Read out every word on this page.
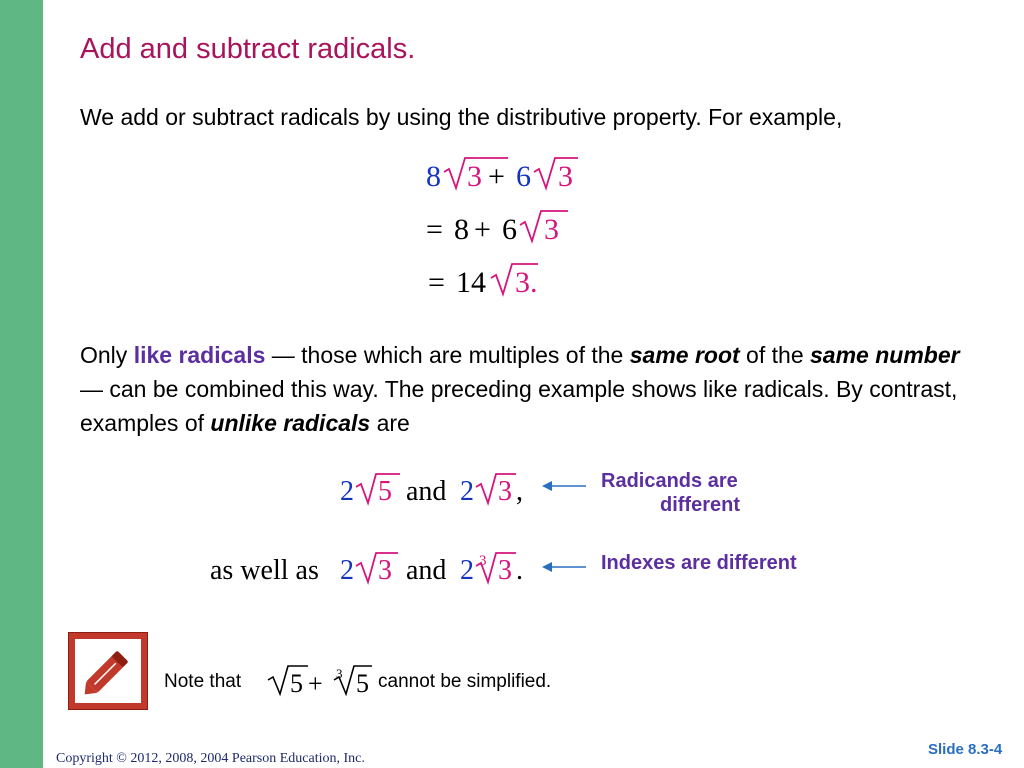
Add and subtract radicals.
We add or subtract radicals by using the distributive property. For example,
8 3 + 6 3
= 8 + 6 3
= 14 3.
Only like radicals — those which are multiples of the same root of the same number — can be combined this way. The preceding example shows like radicals. By contrast, examples of unlike radicals are
2 5 and 2 3 ,	Radicands are
different
as well as 2 3 and 2 3 3 .	Indexes are different
Note that 5 + 3 5 cannot be simplified.
Copyright © 2012, 2008, 2004 Pearson Education, Inc.
Slide 8.3-4
